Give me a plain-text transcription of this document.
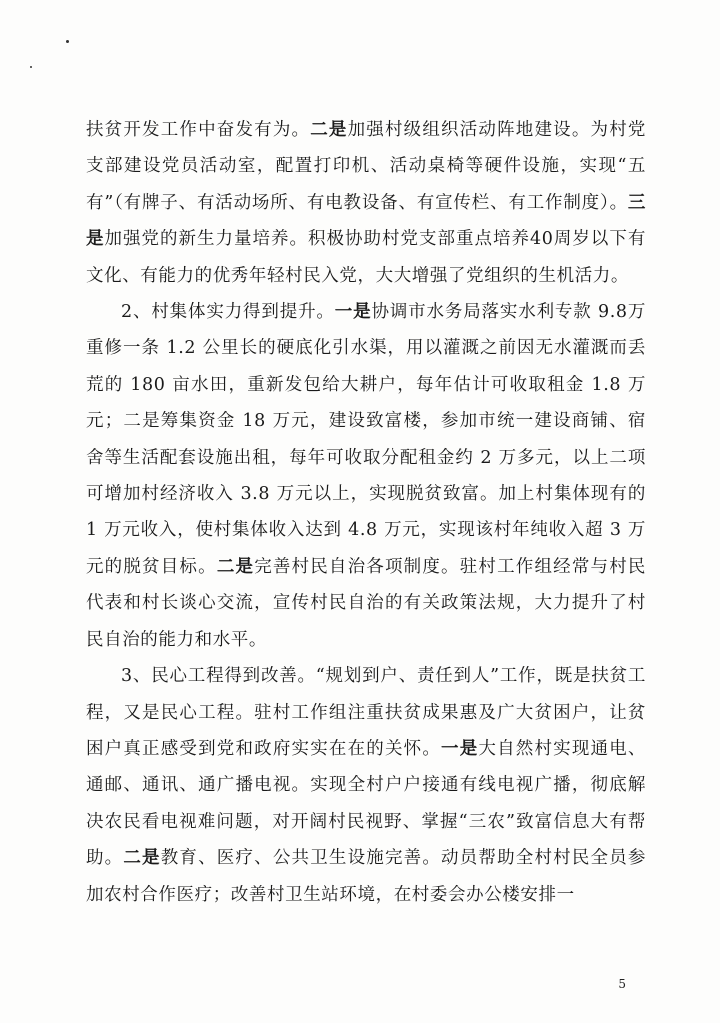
扶贫开发工作中奋发有为。二是加强村级组织活动阵地建设。为村党支部建设党员活动室，配置打印机、活动桌椅等硬件设施，实现“五有”（有牌子、有活动场所、有电教设备、有宣传栏、有工作制度）。三是加强党的新生力量培养。积极协助村党支部重点培养40周岁以下有文化、有能力的优秀年轻村民入党，大大增强了党组织的生机活力。

2、村集体实力得到提升。一是协调市水务局落实水利专款 9.8万重修一条 1.2 公里长的硬底化引水渠，用以灌溉之前因无水灌溉而丢荒的 180 亩水田，重新发包给大耕户，每年估计可收取租金 1.8 万元；二是筹集资金 18 万元，建设致富楼，参加市统一建设商铺、宿舍等生活配套设施出租，每年可收取分配租金约 2 万多元，以上二项可增加村经济收入 3.8 万元以上，实现脱贫致富。加上村集体现有的1 万元收入，使村集体收入达到 4.8 万元，实现该村年纯收入超 3 万元的脱贫目标。二是完善村民自治各项制度。驻村工作组经常与村民代表和村长谈心交流，宣传村民自治的有关政策法规，大力提升了村民自治的能力和水平。

3、民心工程得到改善。“规划到户、责任到人”工作，既是扶贫工程，又是民心工程。驻村工作组注重扶贫成果惠及广大贫困户，让贫困户真正感受到党和政府实实在在的关怀。一是大自然村实现通电、通邮、通讯、通广播电视。实现全村户户接通有线电视广播，彻底解决农民看电视难问题，对开阔村民视野、掌握“三农”致富信息大有帮助。二是教育、医疗、公共卫生设施完善。动员帮助全村村民全员参加农村合作医疗；改善村卫生站环境，在村委会办公楼安排一

5
